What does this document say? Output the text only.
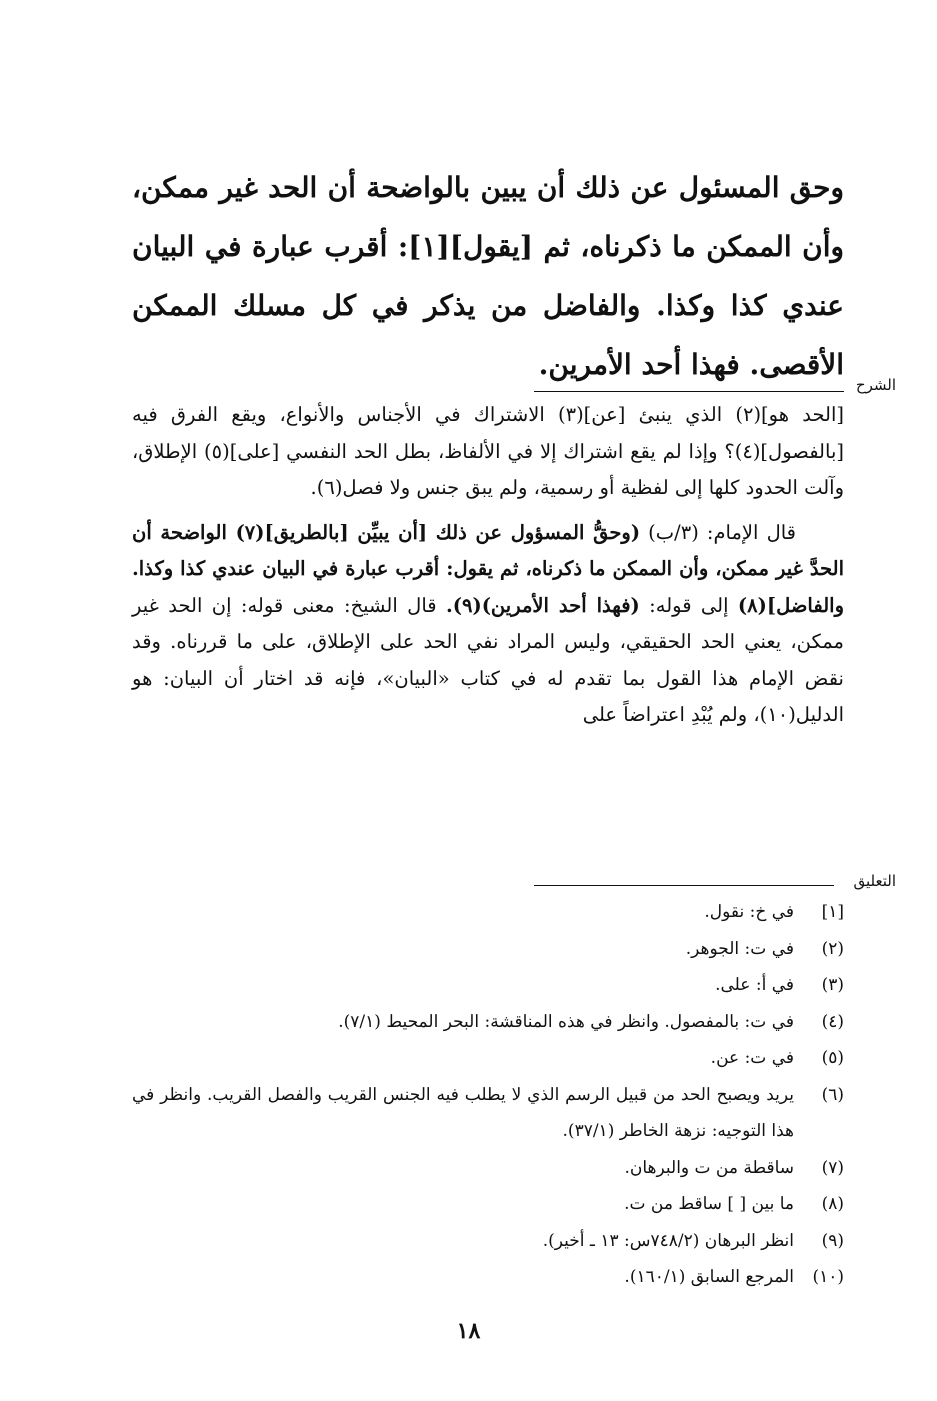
وحق المسئول عن ذلك أن يبين بالواضحة أن الحد غير ممكن، وأن الممكن ما ذكرناه، ثم [يقول][١]: أقرب عبارة في البيان عندي كذا وكذا. والفاضل من يذكر في كل مسلك الممكن الأقصى. فهذا أحد الأمرين.
الشرح

[الحد هو](٢) الذي ينبئ [عن](٣) الاشتراك في الأجناس والأنواع، ويقع الفرق فيه [بالفصول](٤)؟ وإذا لم يقع اشتراك إلا في الألفاظ، بطل الحد النفسي [على](٥) الإطلاق، وآلت الحدود كلها إلى لفظية أو رسمية، ولم يبق جنس ولا فصل(٦).

قال الإمام: (٣/ب) (وحقُّ المسؤول عن ذلك [أن يبيِّن [بالطريق](٧) الواضحة أن الحدَّ غير ممكن، وأن الممكن ما ذكرناه، ثم يقول: أقرب عبارة في البيان عندي كذا وكذا. والفاضل](٨) إلى قوله: (فهذا أحد الأمرين)(٩). قال الشيخ: معنى قوله: إن الحد غير ممكن، يعني الحد الحقيقي، وليس المراد نفي الحد على الإطلاق، على ما قررناه. وقد نقض الإمام هذا القول بما تقدم له في كتاب «البيان»، فإنه قد اختار أن البيان: هو الدليل(١٠)، ولم يُبْدِ اعتراضاً على

التعليق
[١]
في خ: نقول.
(٢)
في ت: الجوهر.
(٣)
في أ: على.
(٤)
في ت: بالمفصول. وانظر في هذه المناقشة: البحر المحيط (٧/١).
(٥)
في ت: عن.
(٦)
يريد ويصبح الحد من قبيل الرسم الذي لا يطلب فيه الجنس القريب والفصل القريب. وانظر في هذا التوجيه: نزهة الخاطر (٣٧/١).
(٧)
ساقطة من ت والبرهان.
(٨)
ما بين [ ] ساقط من ت.
(٩)
انظر البرهان (٧٤٨/٢س: ١٣ ـ أخير).
(١٠)
المرجع السابق (١٦٠/١).
١٨
